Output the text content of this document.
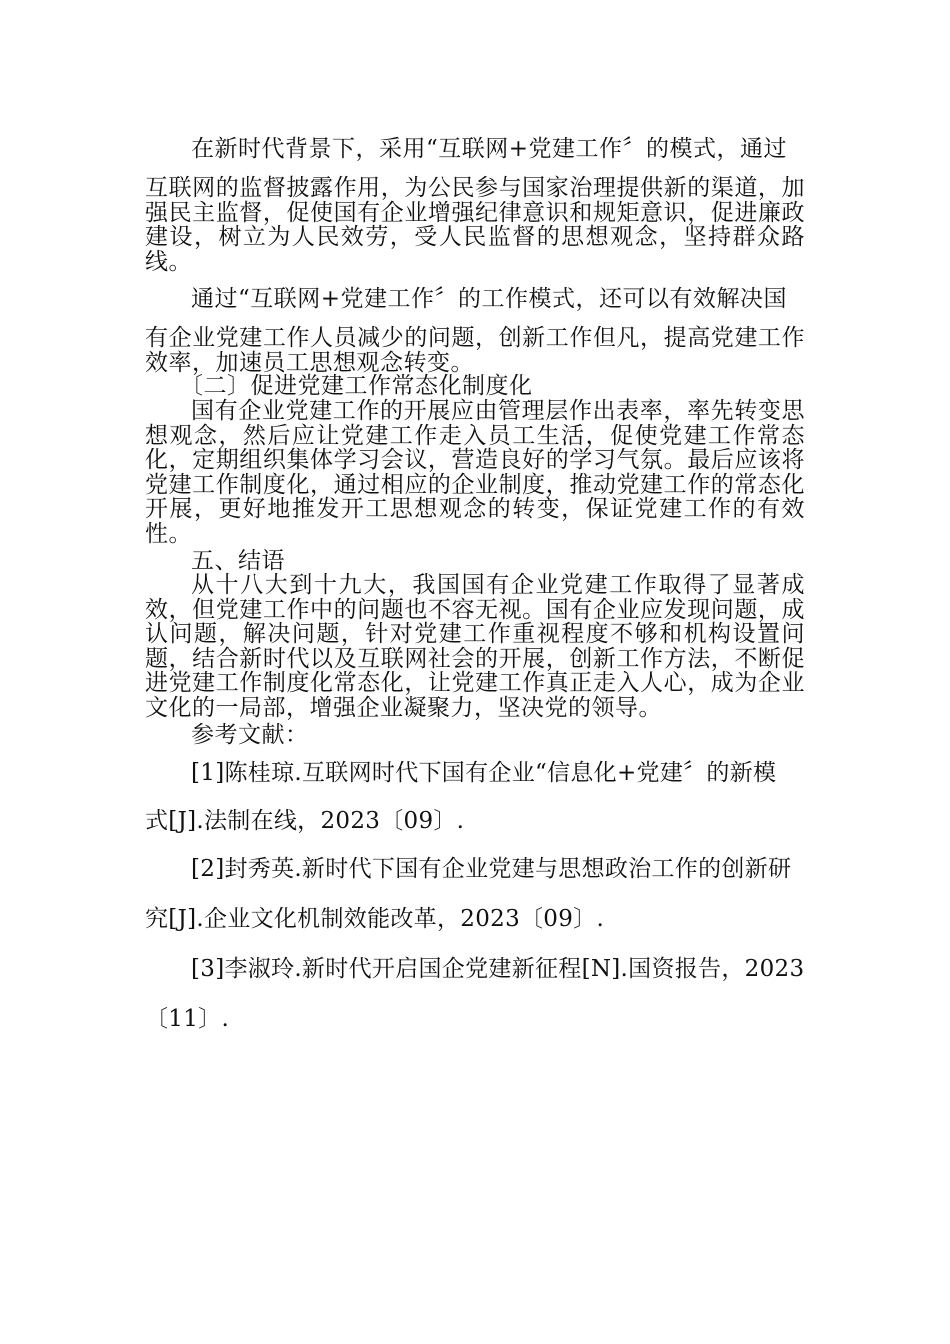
在新时代背景下，采用“互联网+党建工作〞的模式，通过

互联网的监督披露作用，为公民参与国家治理提供新的渠道，加强民主监督，促使国有企业增强纪律意识和规矩意识，促进廉政建设，树立为人民效劳，受人民监督的思想观念，坚持群众路线。

通过“互联网+党建工作〞的工作模式，还可以有效解决国

有企业党建工作人员减少的问题，创新工作但凡，提高党建工作效率，加速员工思想观念转变。

〔二〕促进党建工作常态化制度化

国有企业党建工作的开展应由管理层作出表率，率先转变思想观念，然后应让党建工作走入员工生活，促使党建工作常态化，定期组织集体学习会议，营造良好的学习气氛。最后应该将党建工作制度化，通过相应的企业制度，推动党建工作的常态化开展，更好地推发开工思想观念的转变，保证党建工作的有效性。

五、结语

从十八大到十九大，我国国有企业党建工作取得了显著成效，但党建工作中的问题也不容无视。国有企业应发现问题，成认问题，解决问题，针对党建工作重视程度不够和机构设置问题，结合新时代以及互联网社会的开展，创新工作方法，不断促进党建工作制度化常态化，让党建工作真正走入人心，成为企业文化的一局部，增强企业凝聚力，坚决党的领导。

参考文献：
[1]陈桂琼.互联网时代下国有企业“信息化+党建〞的新模
式[J].法制在线，2023〔09〕.
[2]封秀英.新时代下国有企业党建与思想政治工作的创新研
究[J].企业文化机制效能改革，2023〔09〕.
[3]李淑玲.新时代开启国企党建新征程[N].国资报告，2023
〔11〕.
